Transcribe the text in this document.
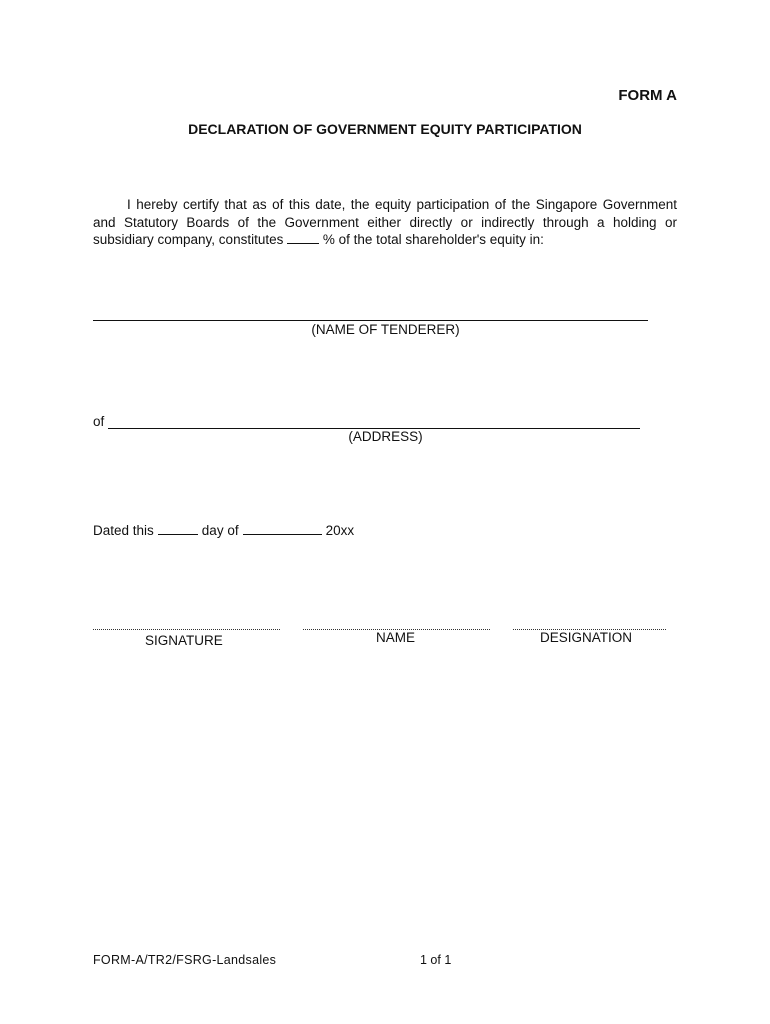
FORM A
DECLARATION OF GOVERNMENT EQUITY PARTICIPATION
I hereby certify that as of this date, the equity participation of the Singapore Government and Statutory Boards of the Government either directly or indirectly through a holding or subsidiary company, constitutes	% of the total shareholder's equity in:
(NAME OF TENDERER)
of
(ADDRESS)
Dated this	day of	20xx
SIGNATURE	NAME	DESIGNATION
FORM-A/TR2/FSRG-Landsales	1 of 1
